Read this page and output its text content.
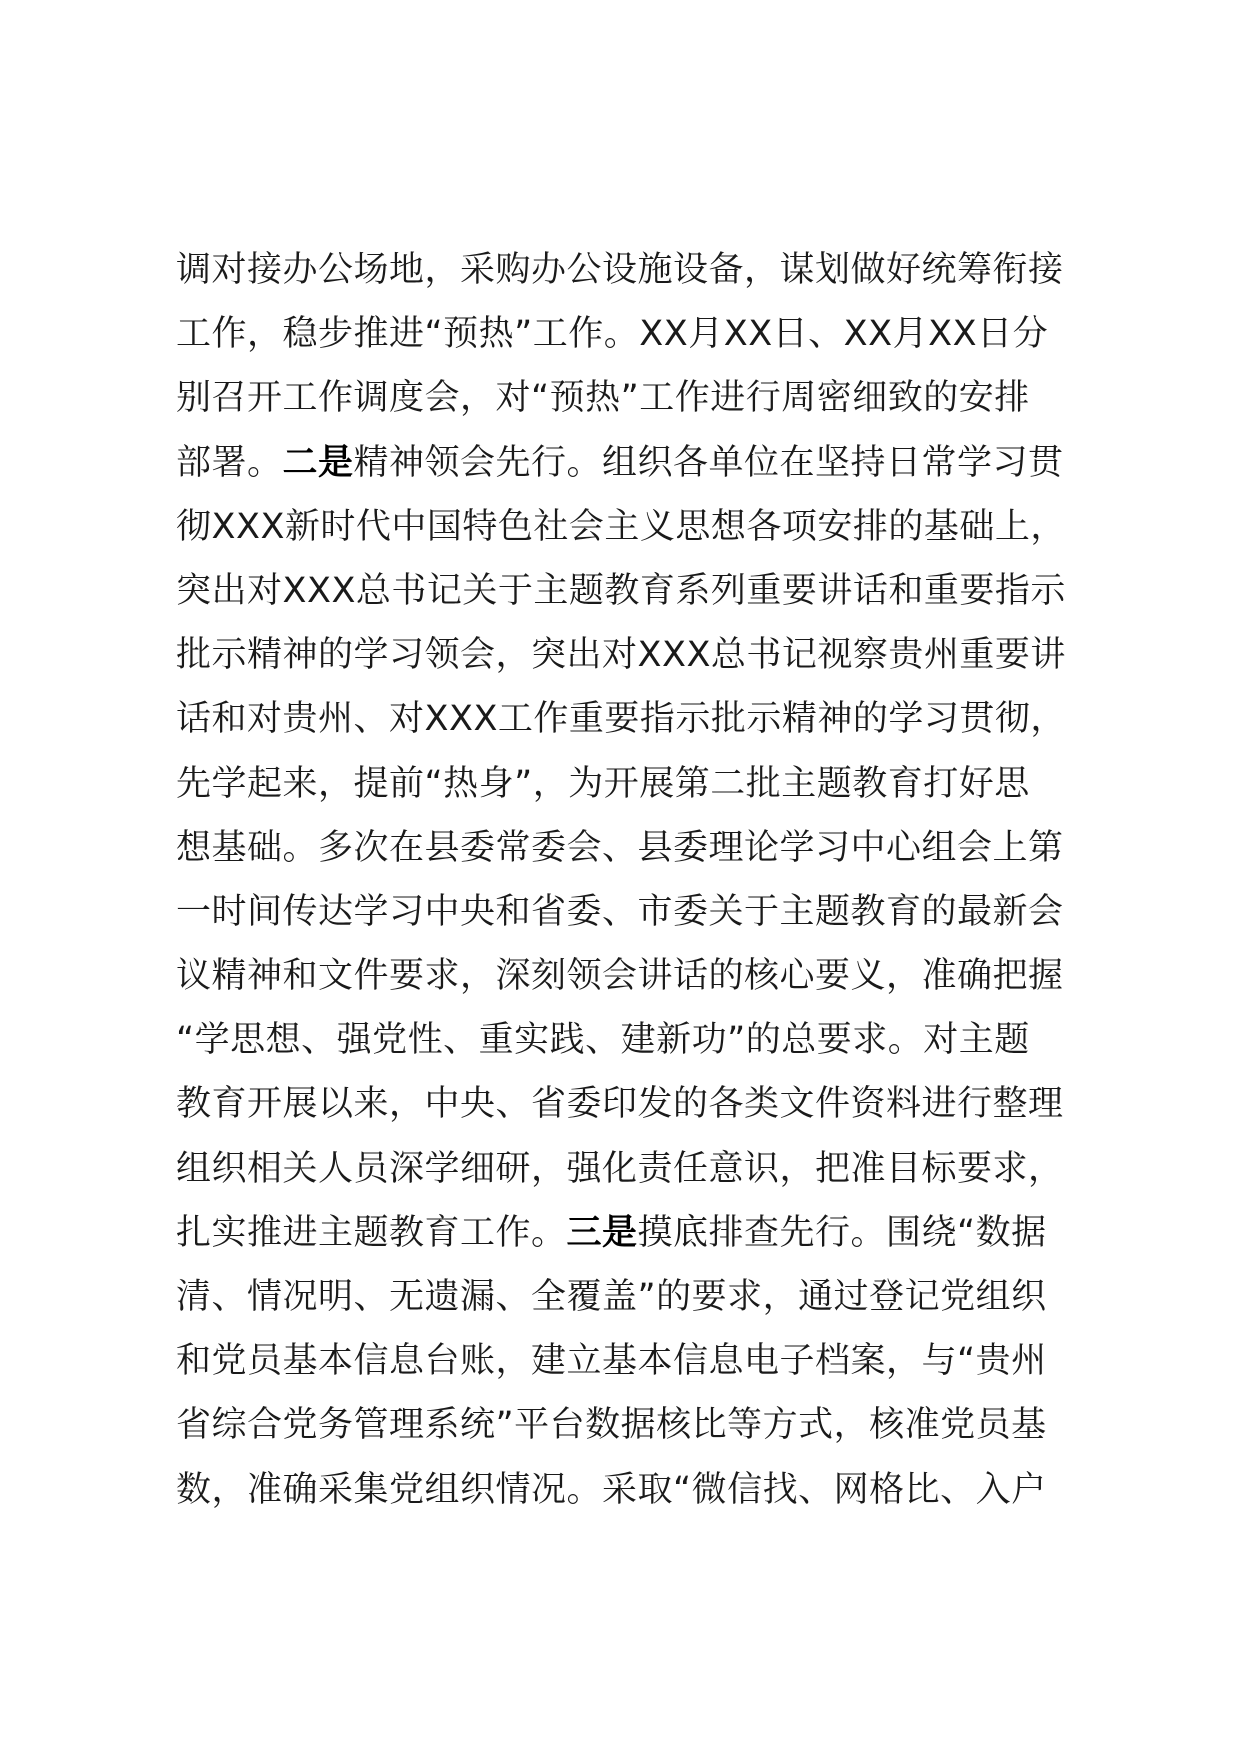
调对接办公场地，采购办公设施设备，谋划做好统筹衔接
工作，稳步推进“预热”工作。XX月XX日、XX月XX日分
别召开工作调度会，对“预热”工作进行周密细致的安排
部署。二是精神领会先行。组织各单位在坚持日常学习贯
彻XXX新时代中国特色社会主义思想各项安排的基础上，
突出对XXX总书记关于主题教育系列重要讲话和重要指示
批示精神的学习领会，突出对XXX总书记视察贵州重要讲
话和对贵州、对XXX工作重要指示批示精神的学习贯彻，
先学起来，提前“热身”，为开展第二批主题教育打好思
想基础。多次在县委常委会、县委理论学习中心组会上第
一时间传达学习中央和省委、市委关于主题教育的最新会
议精神和文件要求，深刻领会讲话的核心要义，准确把握
“学思想、强党性、重实践、建新功”的总要求。对主题
教育开展以来，中央、省委印发的各类文件资料进行整理
组织相关人员深学细研，强化责任意识，把准目标要求，
扎实推进主题教育工作。三是摸底排查先行。围绕“数据
清、情况明、无遗漏、全覆盖”的要求，通过登记党组织
和党员基本信息台账，建立基本信息电子档案，与“贵州
省综合党务管理系统”平台数据核比等方式，核准党员基
数，准确采集党组织情况。采取“微信找、网格比、入户
